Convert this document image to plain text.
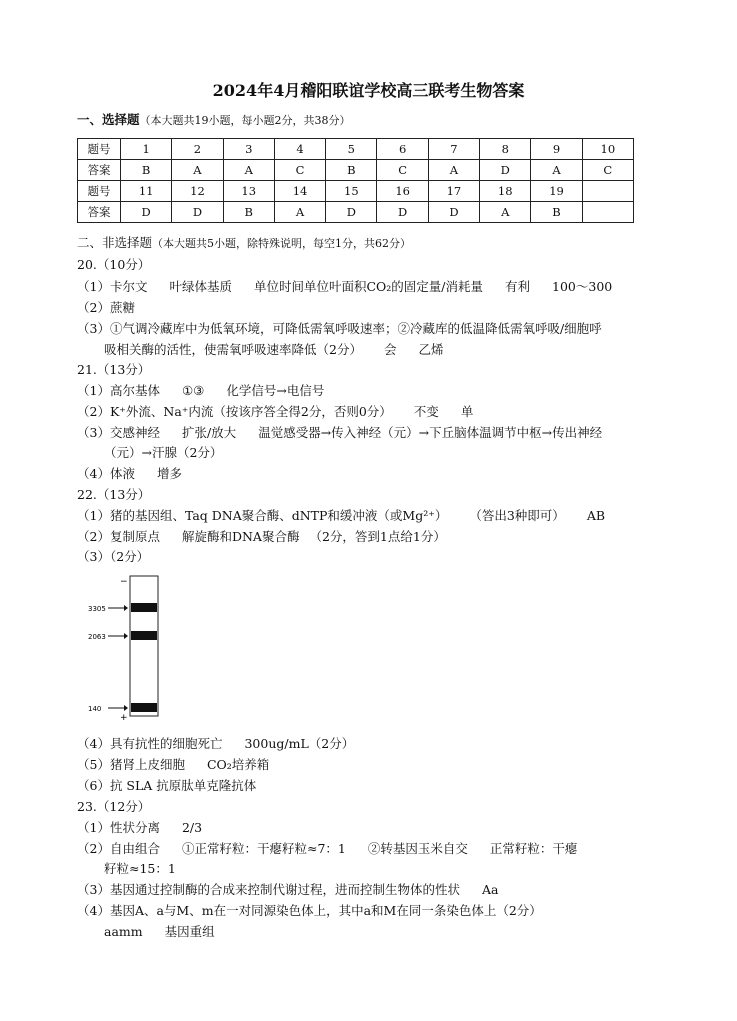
2024年4月稽阳联谊学校高三联考生物答案
一、选择题（本大题共19小题，每小题2分，共38分）
题号	1	2	3	4	5	6	7	8	9	10
答案	B	A	A	C	B	C	A	D	A	C
题号	11	12	13	14	15	16	17	18	19	
答案	D	D	B	A	D	D	D	A	B	
二、非选择题（本大题共5小题，除特殊说明，每空1分，共62分）
20.（10分）
（1）卡尔文 叶绿体基质 单位时间单位叶面积CO₂的固定量/消耗量 有利 100～300
（2）蔗糖
（3）①气调冷藏库中为低氧环境，可降低需氧呼吸速率；②冷藏库的低温降低需氧呼吸/细胞呼
吸相关酶的活性，使需氧呼吸速率降低（2分） 会 乙烯
21.（13分）
（1）高尔基体 ①③ 化学信号→电信号
（2）K⁺外流、Na⁺内流（按该序答全得2分，否则0分） 不变 单
（3）交感神经 扩张/放大 温觉感受器→传入神经（元）→下丘脑体温调节中枢→传出神经
（元）→汗腺（2分）
（4）体液 增多
22.（13分）
（1）猪的基因组、Taq DNA聚合酶、dNTP和缓冲液（或Mg²⁺） （答出3种即可） AB
（2）复制原点 解旋酶和DNA聚合酶 （2分，答到1点给1分）
（3）（2分）
−
+
3305
2063
140
（4）具有抗性的细胞死亡 300ug/mL（2分）
（5）猪肾上皮细胞 CO₂培养箱
（6）抗 SLA 抗原肽单克隆抗体
23.（12分）
（1）性状分离 2/3
（2）自由组合 ①正常籽粒：干瘪籽粒≈7：1 ②转基因玉米自交 正常籽粒：干瘪
籽粒≈15：1
（3）基因通过控制酶的合成来控制代谢过程，进而控制生物体的性状 Aa
（4）基因A、a与M、m在一对同源染色体上，其中a和M在同一条染色体上（2分）
aamm 基因重组
